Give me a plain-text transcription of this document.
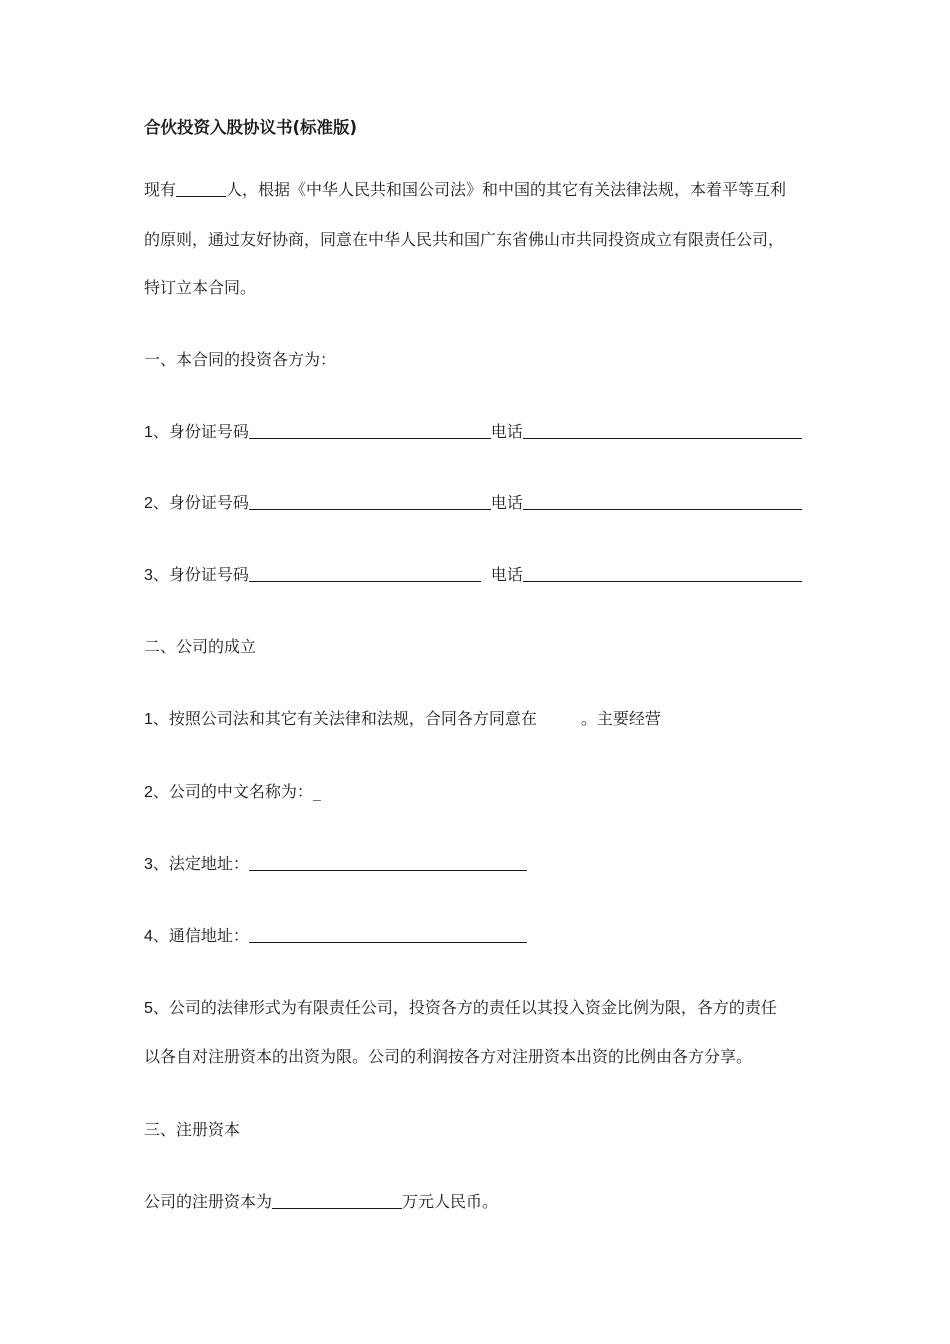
合伙投资入股协议书(标准版)
现有	人，根据《中华人民共和国公司法》和中国的其它有关法律法规，本着平等互利
的原则，通过友好协商，同意在中华人民共和国广东省佛山市共同投资成立有限责任公司，
特订立本合同。
一、本合同的投资各方为：
1、身份证号码	电话
2、身份证号码	电话
3、身份证号码	电话
二、公司的成立
1、按照公司法和其它有关法律和法规，合同各方同意在	。主要经营
2、公司的中文名称为：_
3、法定地址：
4、通信地址：
5、公司的法律形式为有限责任公司，投资各方的责任以其投入资金比例为限，各方的责任
以各自对注册资本的出资为限。公司的利润按各方对注册资本出资的比例由各方分享。
三、注册资本
公司的注册资本为	万元人民币。
